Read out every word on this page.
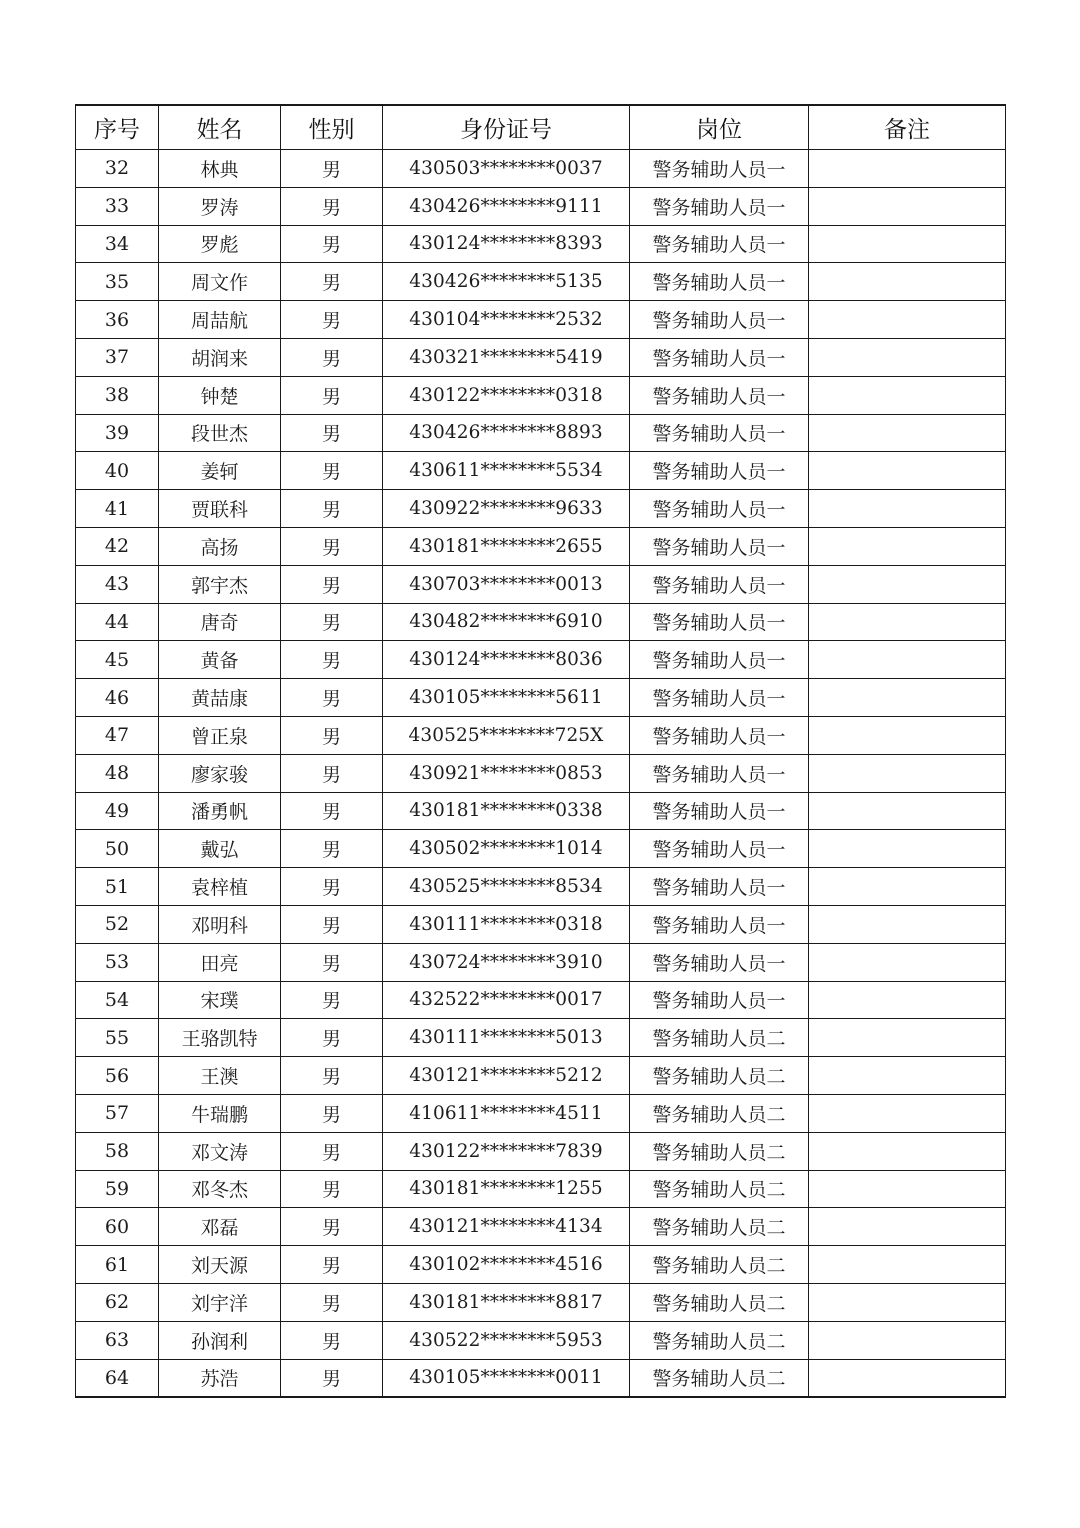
序号	姓名	性别	身份证号	岗位	备注
32	林典	男	430503********0037	警务辅助人员一	
33	罗涛	男	430426********9111	警务辅助人员一	
34	罗彪	男	430124********8393	警务辅助人员一	
35	周文作	男	430426********5135	警务辅助人员一	
36	周喆航	男	430104********2532	警务辅助人员一	
37	胡润来	男	430321********5419	警务辅助人员一	
38	钟楚	男	430122********0318	警务辅助人员一	
39	段世杰	男	430426********8893	警务辅助人员一	
40	姜轲	男	430611********5534	警务辅助人员一	
41	贾联科	男	430922********9633	警务辅助人员一	
42	高扬	男	430181********2655	警务辅助人员一	
43	郭宇杰	男	430703********0013	警务辅助人员一	
44	唐奇	男	430482********6910	警务辅助人员一	
45	黄备	男	430124********8036	警务辅助人员一	
46	黄喆康	男	430105********5611	警务辅助人员一	
47	曾正泉	男	430525********725X	警务辅助人员一	
48	廖家骏	男	430921********0853	警务辅助人员一	
49	潘勇帆	男	430181********0338	警务辅助人员一	
50	戴弘	男	430502********1014	警务辅助人员一	
51	袁梓植	男	430525********8534	警务辅助人员一	
52	邓明科	男	430111********0318	警务辅助人员一	
53	田亮	男	430724********3910	警务辅助人员一	
54	宋璞	男	432522********0017	警务辅助人员一	
55	王骆凯特	男	430111********5013	警务辅助人员二	
56	王澳	男	430121********5212	警务辅助人员二	
57	牛瑞鹏	男	410611********4511	警务辅助人员二	
58	邓文涛	男	430122********7839	警务辅助人员二	
59	邓冬杰	男	430181********1255	警务辅助人员二	
60	邓磊	男	430121********4134	警务辅助人员二	
61	刘天源	男	430102********4516	警务辅助人员二	
62	刘宇洋	男	430181********8817	警务辅助人员二	
63	孙润利	男	430522********5953	警务辅助人员二	
64	苏浩	男	430105********0011	警务辅助人员二	
